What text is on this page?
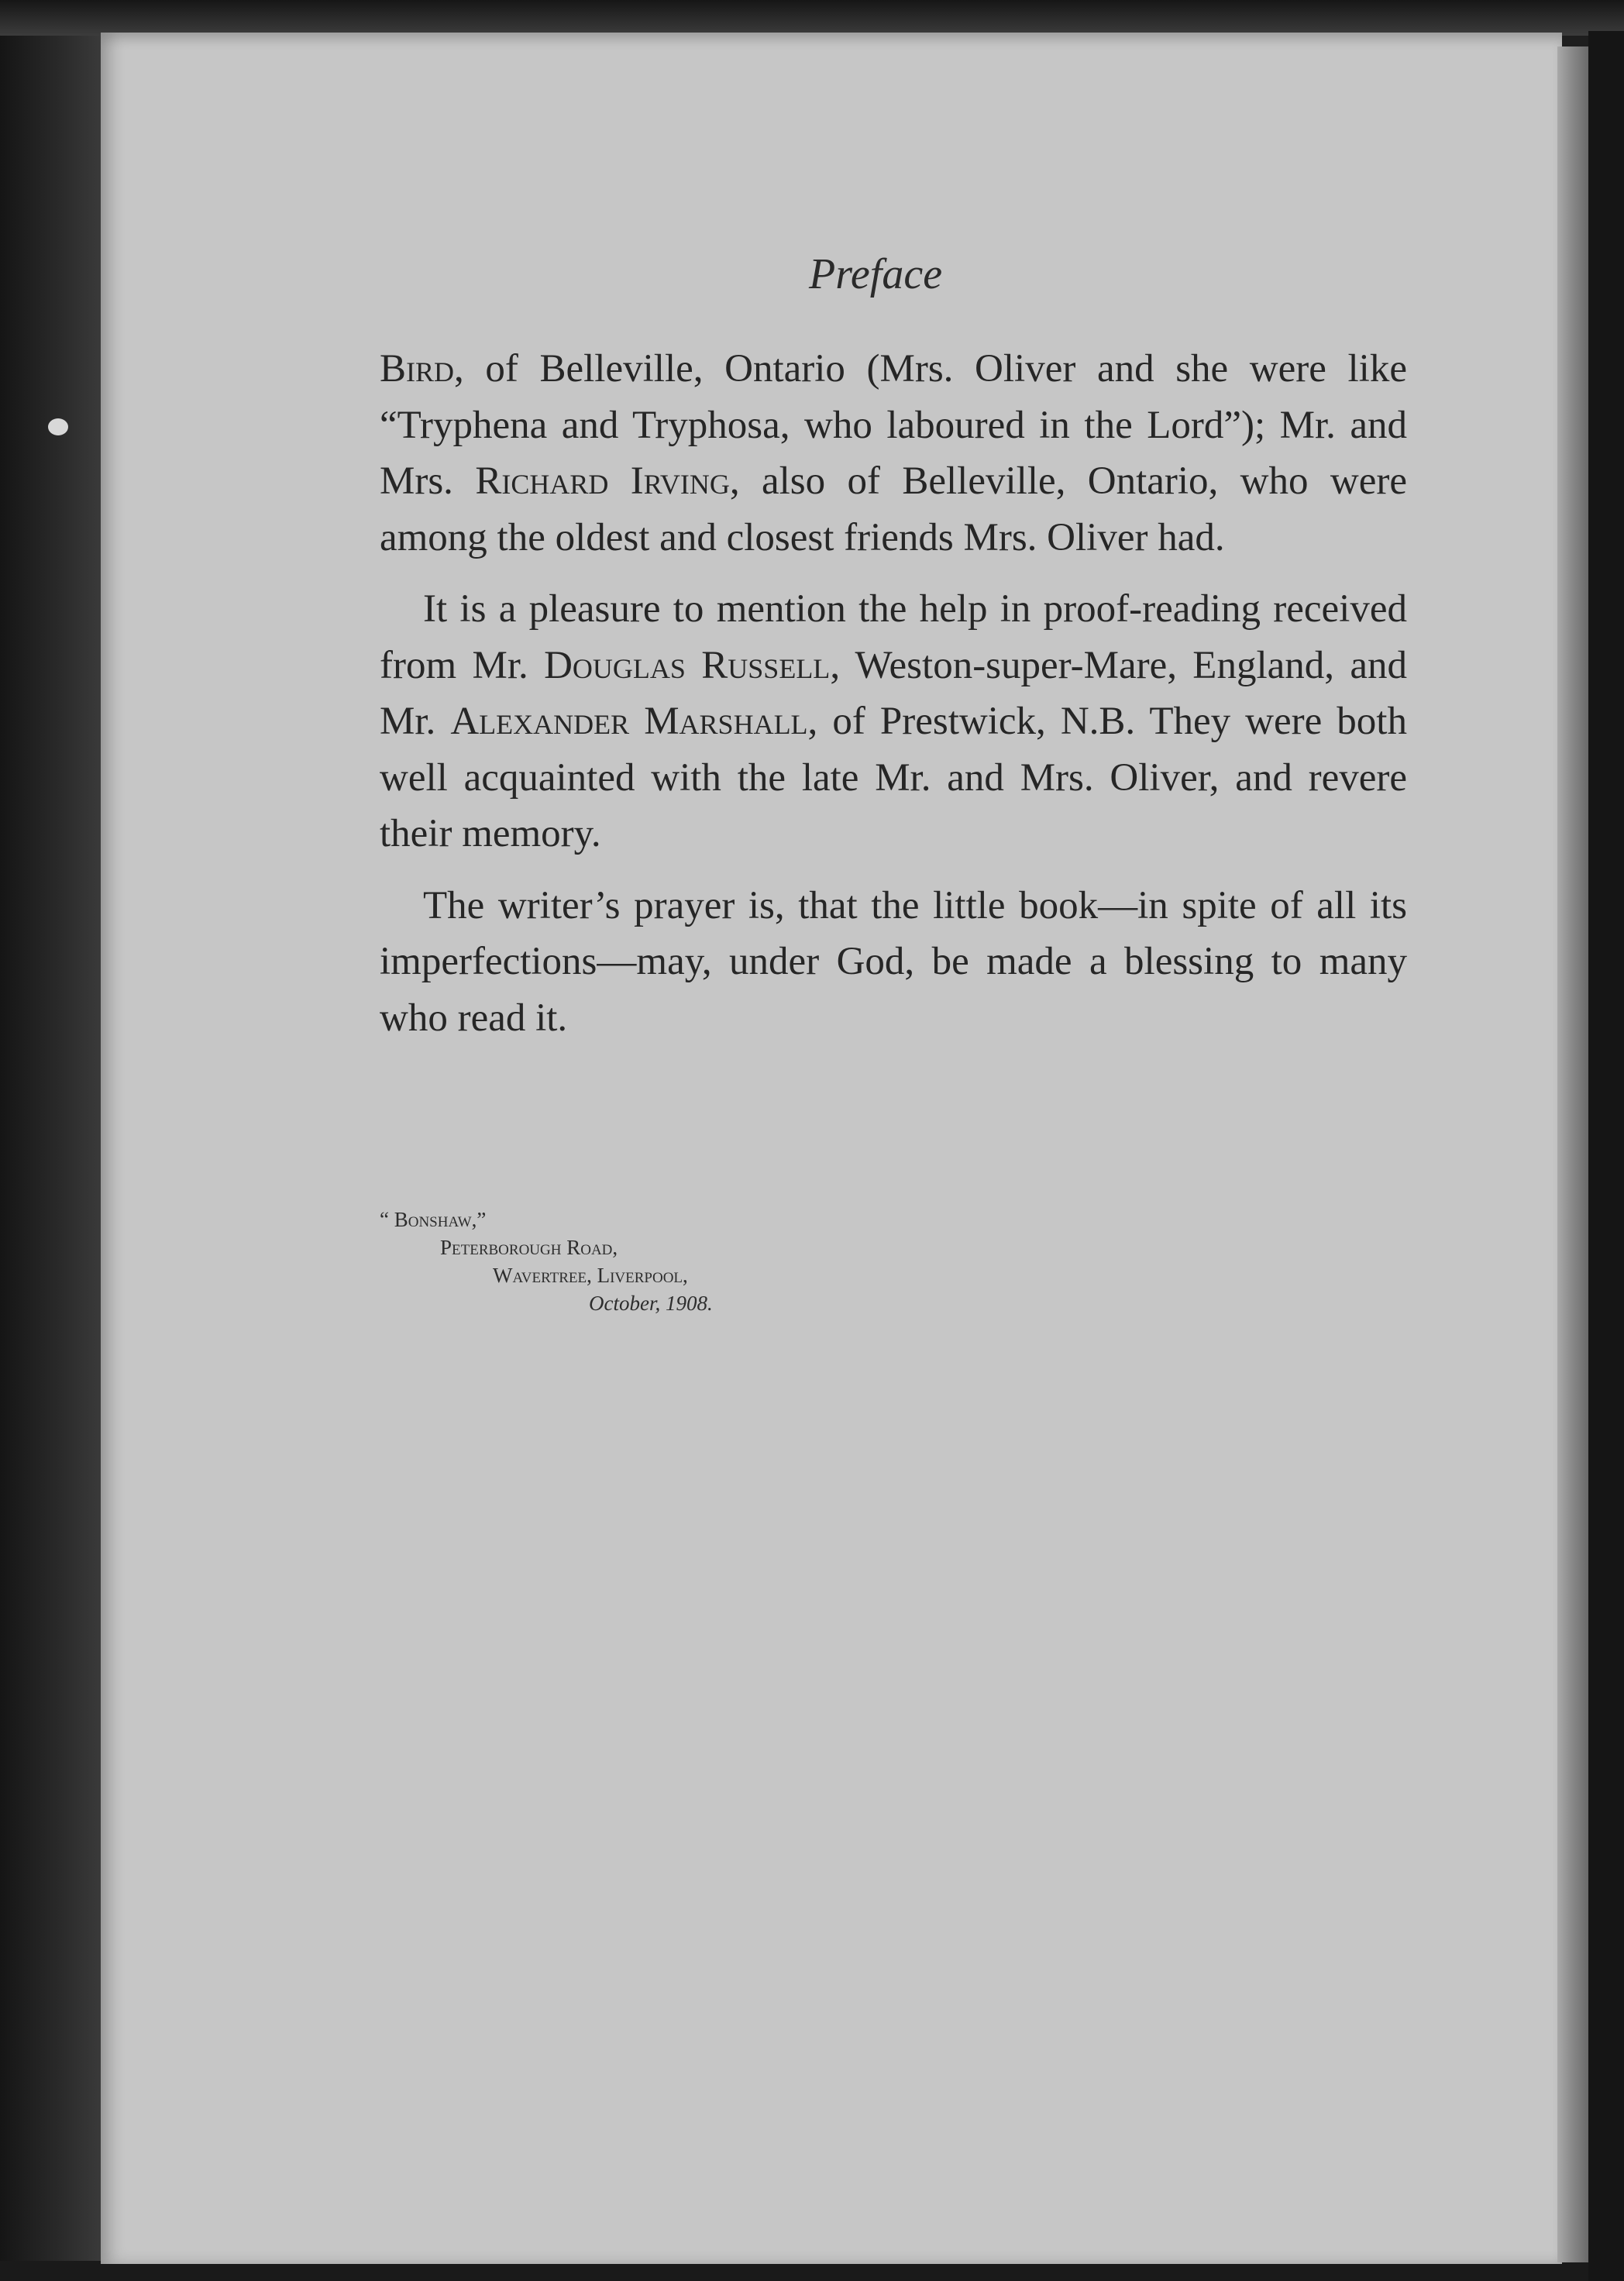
Preface

Bird, of Belleville, Ontario (Mrs. Oliver and she were like “Tryphena and Tryphosa, who laboured in the Lord”); Mr. and Mrs. Richard Irving, also of Belleville, Ontario, who were among the oldest and closest friends Mrs. Oliver had.

It is a pleasure to mention the help in proof-reading received from Mr. Douglas Russell, Weston-super-Mare, England, and Mr. Alexander Marshall, of Prestwick, N.B. They were both well acquainted with the late Mr. and Mrs. Oliver, and revere their memory.

The writer’s prayer is, that the little book—in spite of all its imperfections—may, under God, be made a blessing to many who read it.

“ Bonshaw,”
Peterborough Road,
Wavertree, Liverpool,
October, 1908.
